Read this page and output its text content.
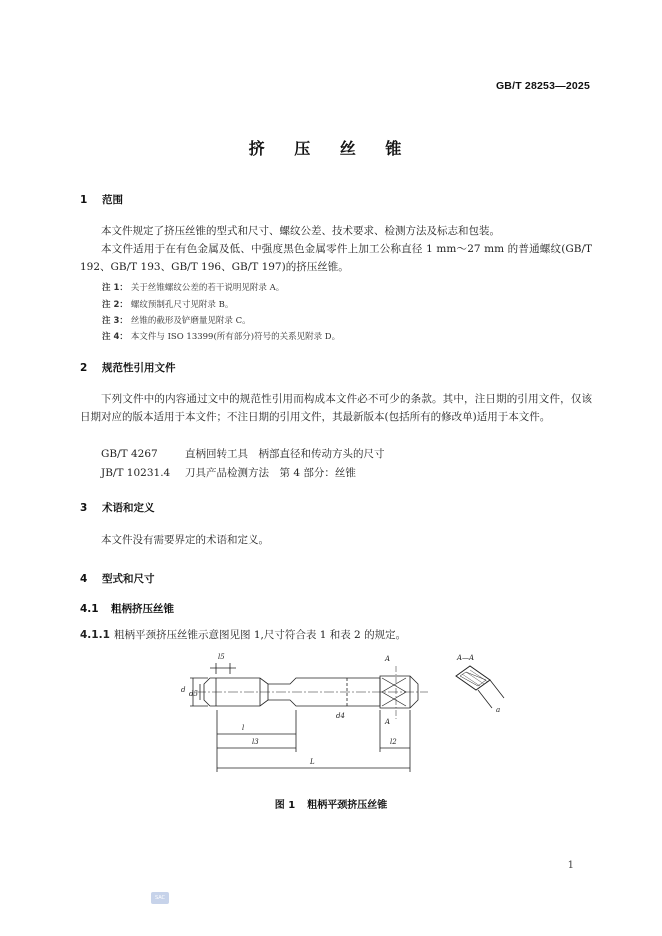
GB/T 28253—2025
挤 压 丝 锥
1 范围
本文件规定了挤压丝锥的型式和尺寸、螺纹公差、技术要求、检测方法及标志和包装。
本文件适用于在有色金属及低、中强度黑色金属零件上加工公称直径 1 mm～27 mm 的普通螺纹(GB/T 192、GB/T 193、GB/T 196、GB/T 197)的挤压丝锥。
注 1： 关于丝锥螺纹公差的若干说明见附录 A。
注 2： 螺纹预制孔尺寸见附录 B。
注 3： 丝锥的截形及铲磨量见附录 C。
注 4： 本文件与 ISO 13399(所有部分)符号的关系见附录 D。
2 规范性引用文件
下列文件中的内容通过文中的规范性引用而构成本文件必不可少的条款。其中，注日期的引用文件，仅该日期对应的版本适用于本文件；不注日期的引用文件，其最新版本(包括所有的修改单)适用于本文件。
GB/T 4267	直柄回转工具　柄部直径和传动方头的尺寸
JB/T 10231.4 刀具产品检测方法　第 4 部分：丝锥
3 术语和定义
本文件没有需要界定的术语和定义。
4 型式和尺寸
4.1 粗柄挤压丝锥
4.1.1 粗柄平颈挤压丝锥示意图见图 1,尺寸符合表 1 和表 2 的规定。
l5
d d5
d4
l
l3	l2
L
A
A
A—A
a
图 1 粗柄平颈挤压丝锥
1
SAC
